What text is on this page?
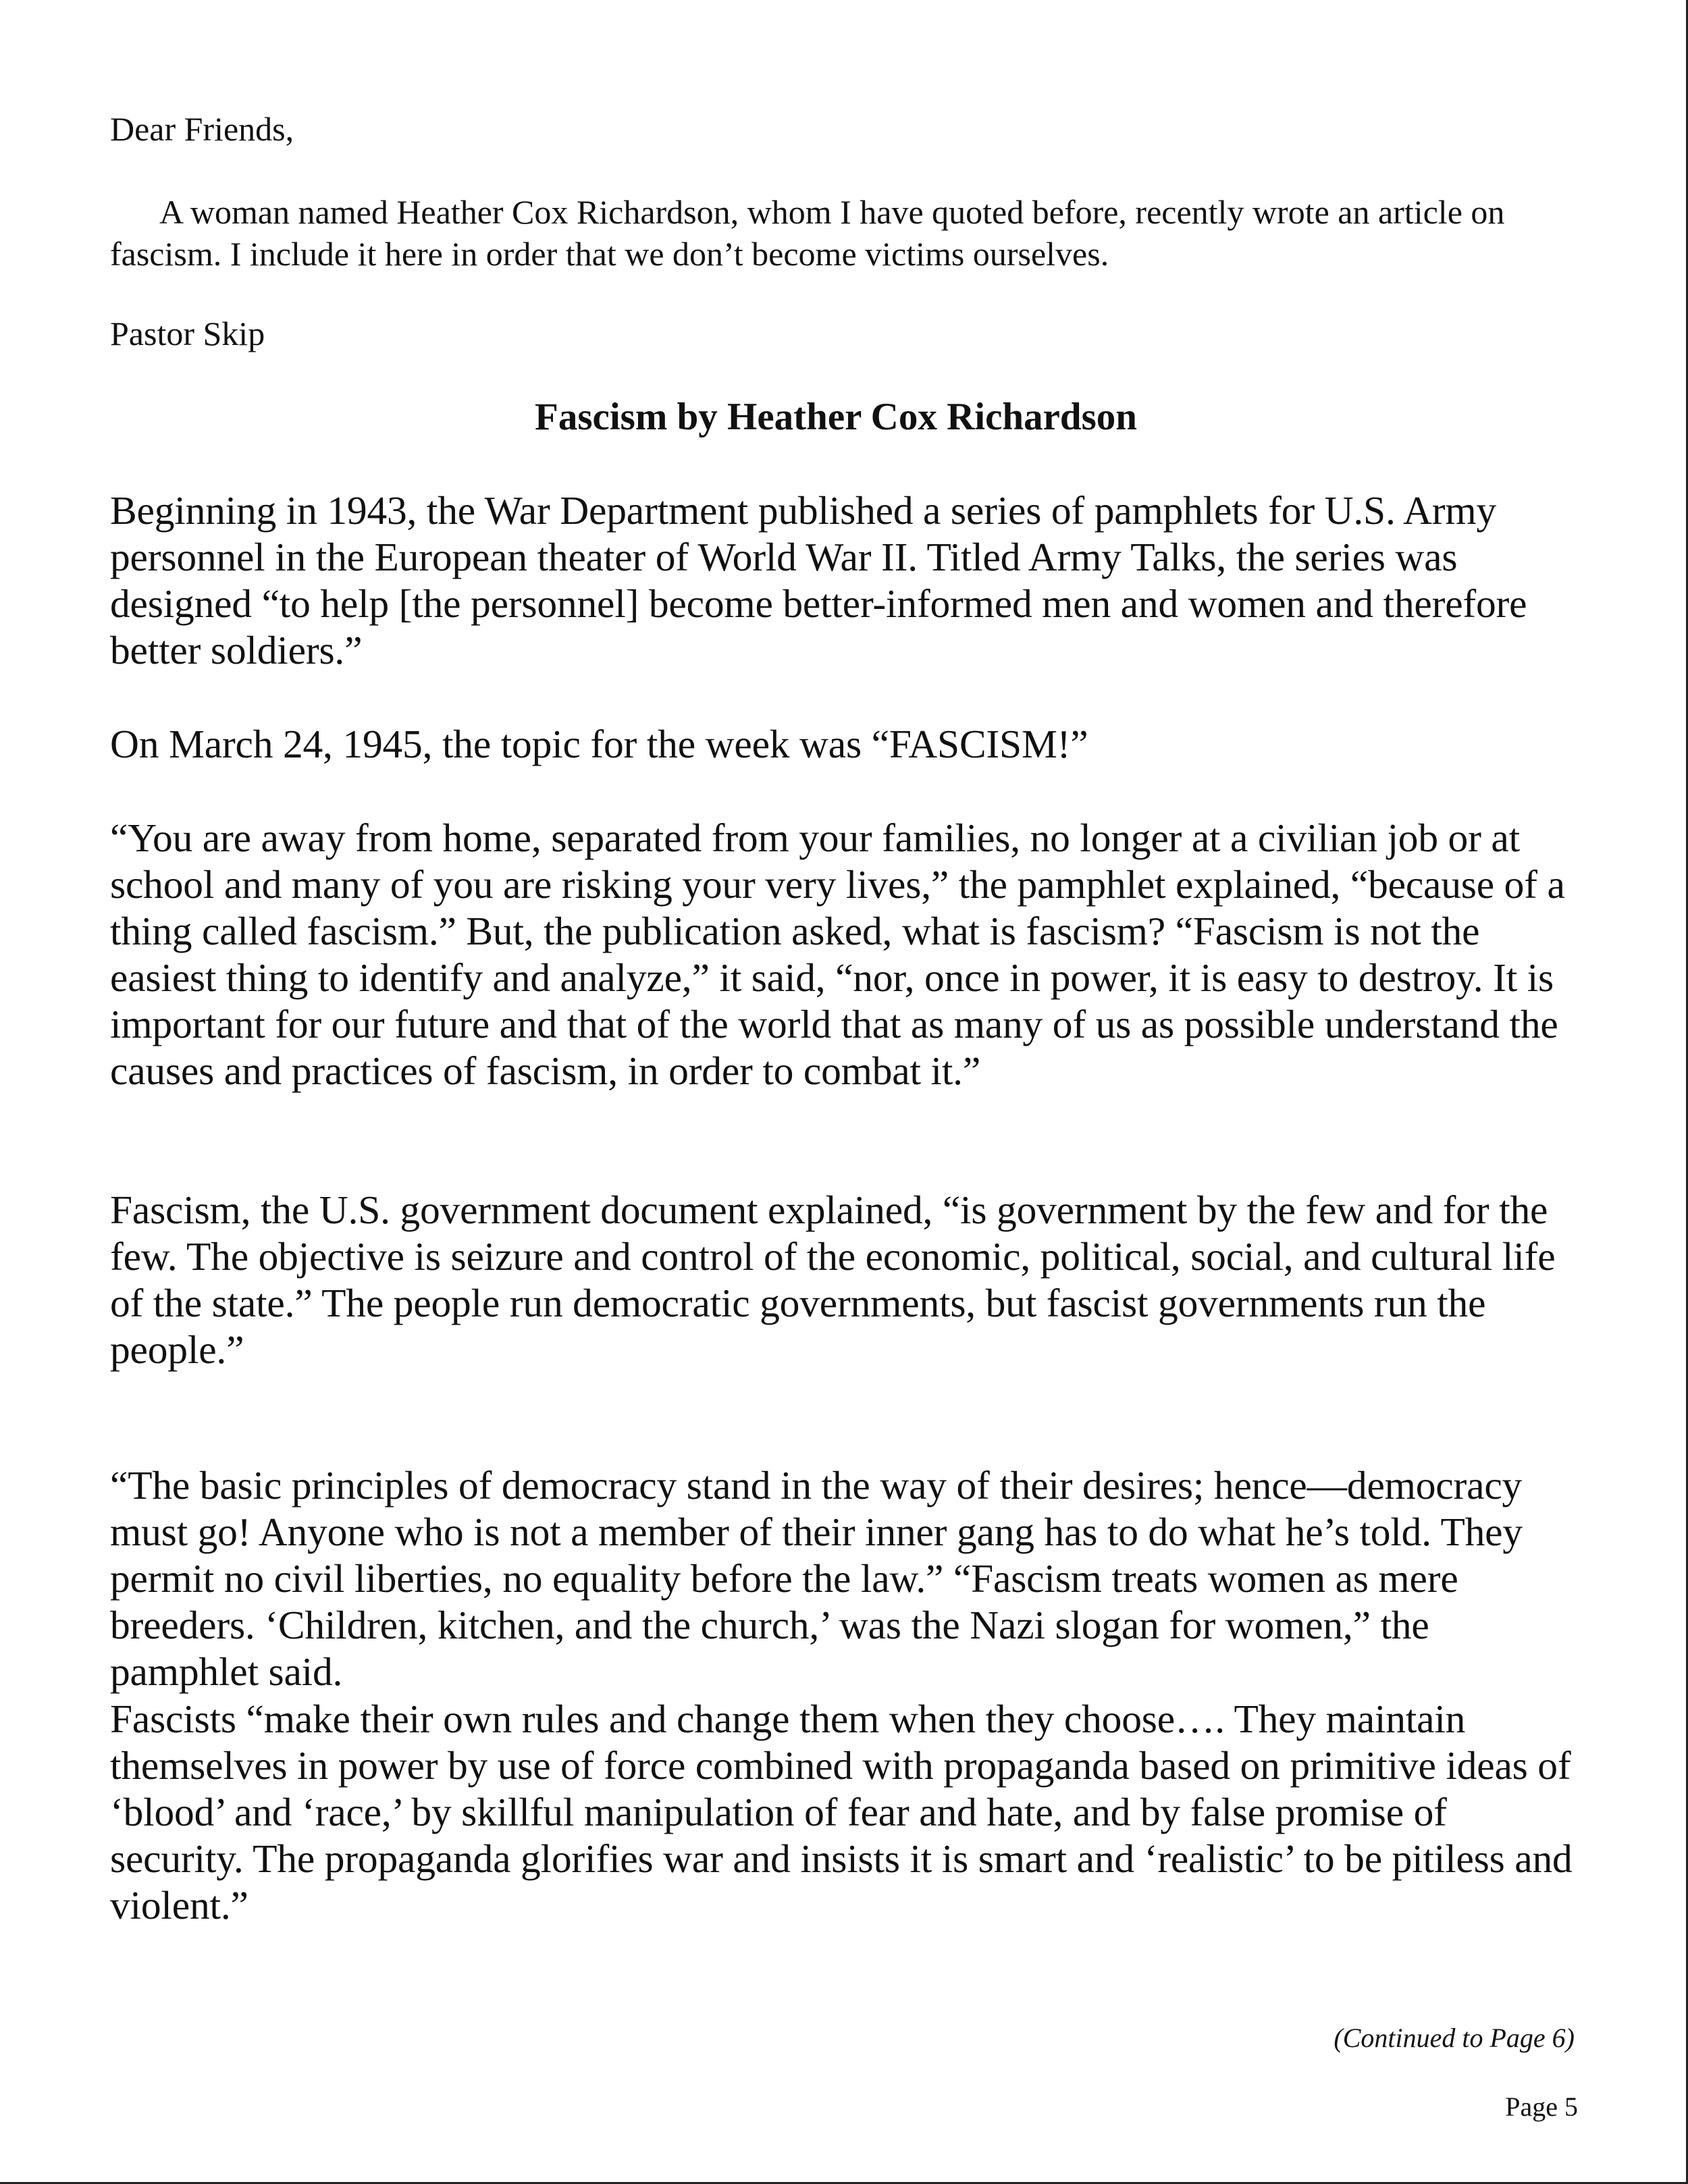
Dear Friends,

A woman named Heather Cox Richardson, whom I have quoted before, recently wrote an article on fascism. I include it here in order that we don’t become victims ourselves.

Pastor Skip

Fascism by Heather Cox Richardson

Beginning in 1943, the War Department published a series of pamphlets for U.S. Army personnel in the European theater of World War II. Titled Army Talks, the series was designed “to help [the personnel] become better-informed men and women and therefore better soldiers.”

On March 24, 1945, the topic for the week was “FASCISM!”

“You are away from home, separated from your families, no longer at a civilian job or at school and many of you are risking your very lives,” the pamphlet explained, “because of a thing called fascism.” But, the publication asked, what is fascism? “Fascism is not the easiest thing to identify and analyze,” it said, “nor, once in power, it is easy to destroy. It is important for our future and that of the world that as many of us as possible understand the causes and practices of fascism, in order to combat it.”

Fascism, the U.S. government document explained, “is government by the few and for the few. The objective is seizure and control of the economic, political, social, and cultural life of the state.” The people run democratic governments, but fascist governments run the people.”

“The basic principles of democracy stand in the way of their desires; hence—democracy must go! Anyone who is not a member of their inner gang has to do what he’s told. They permit no civil liberties, no equality before the law.” “Fascism treats women as mere breeders. ‘Children, kitchen, and the church,’ was the Nazi slogan for women,” the pamphlet said.

Fascists “make their own rules and change them when they choose…. They maintain themselves in power by use of force combined with propaganda based on primitive ideas of ‘blood’ and ‘race,’ by skillful manipulation of fear and hate, and by false promise of security. The propaganda glorifies war and insists it is smart and ‘realistic’ to be pitiless and violent.”

(Continued to Page 6)

Page 5
